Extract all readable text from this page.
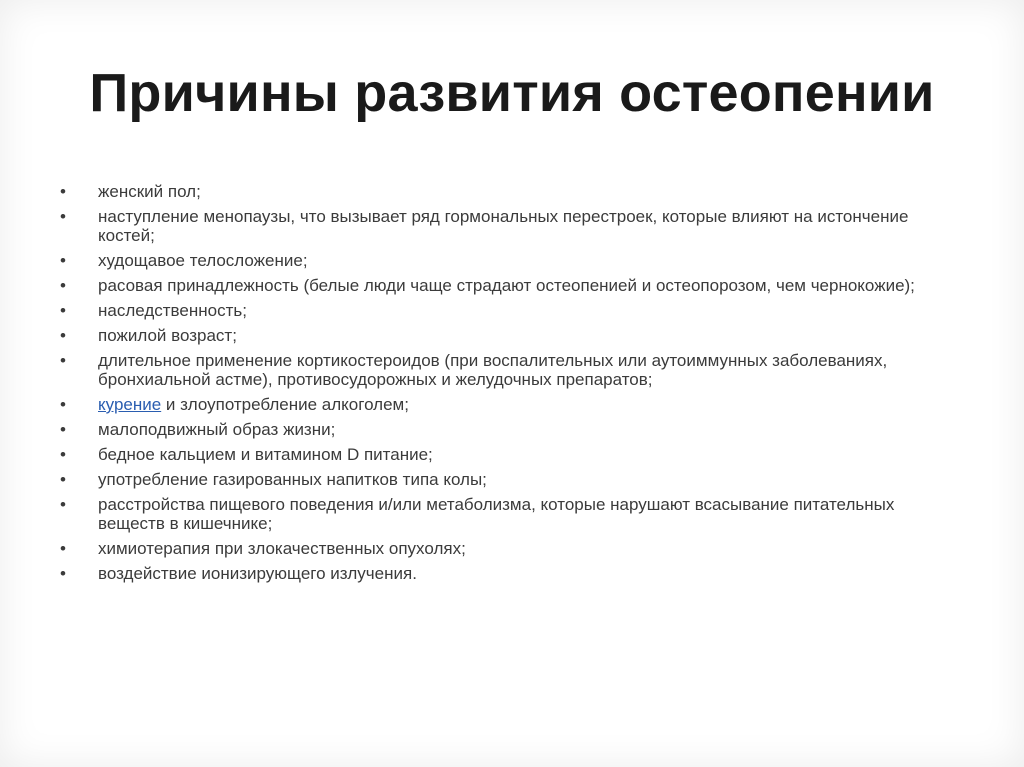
Причины развития остеопении
•	женский пол;
•	наступление менопаузы, что вызывает ряд гормональных перестроек, которые влияют на истончение костей;
•	худощавое телосложение;
•	расовая принадлежность (белые люди чаще страдают остеопенией и остеопорозом, чем чернокожие);
•	наследственность;
•	пожилой возраст;
•	длительное применение кортикостероидов (при воспалительных или аутоиммунных заболеваниях, бронхиальной астме), противосудорожных и желудочных препаратов;
•	курение и злоупотребление алкоголем;
•	малоподвижный образ жизни;
•	бедное кальцием и витамином D питание;
•	употребление газированных напитков типа колы;
•	расстройства пищевого поведения и/или метаболизма, которые нарушают всасывание питательных веществ в кишечнике;
•	химиотерапия при злокачественных опухолях;
•	воздействие ионизирующего излучения.
